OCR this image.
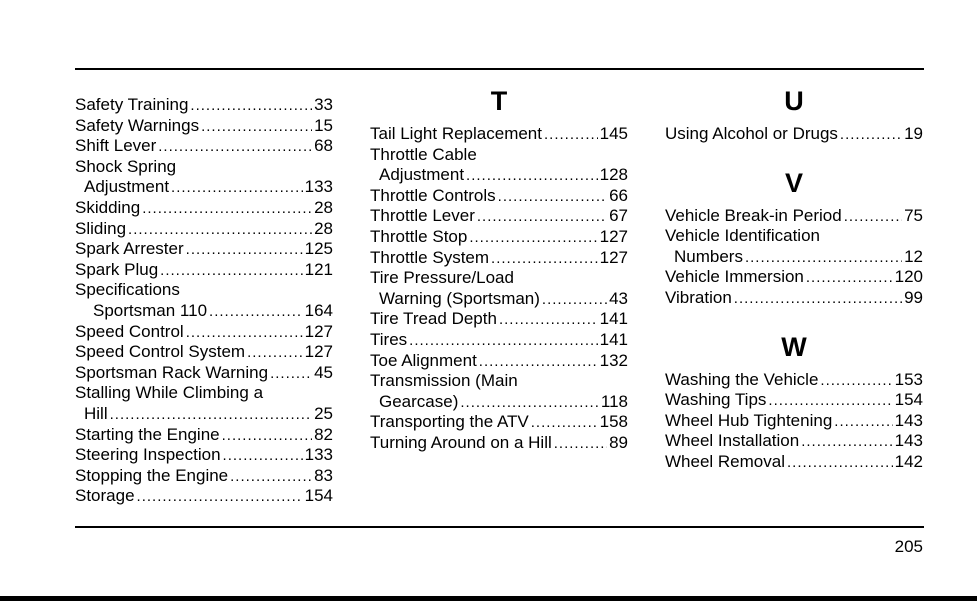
Safety Training .....	33
Safety Warnings .....	15
Shift Lever .....	68
Shock Spring
Adjustment .....	133
Skidding .....	28
Sliding .....	28
Spark Arrester .....	125
Spark Plug .....	121
Specifications
Sportsman 110 .....	164
Speed Control .....	127
Speed Control System .....	127
Sportsman Rack Warning .....	45
Stalling While Climbing a
Hill .....	25
Starting the Engine .....	82
Steering Inspection .....	133
Stopping the Engine .....	83
Storage .....	154
T
Tail Light Replacement .....	145
Throttle Cable
Adjustment .....	128
Throttle Controls .....	66
Throttle Lever .....	67
Throttle Stop .....	127
Throttle System .....	127
Tire Pressure/Load
Warning (Sportsman) .....	43
Tire Tread Depth .....	141
Tires .....	141
Toe Alignment .....	132
Transmission (Main
Gearcase) .....	118
Transporting the ATV .....	158
Turning Around on a Hill .....	89
U
Using Alcohol or Drugs .....	19
V
Vehicle Break-in Period .....	75
Vehicle Identification
Numbers .....	12
Vehicle Immersion .....	120
Vibration .....	99
W
Washing the Vehicle .....	153
Washing Tips .....	154
Wheel Hub Tightening .....	143
Wheel Installation .....	143
Wheel Removal .....	142
205
